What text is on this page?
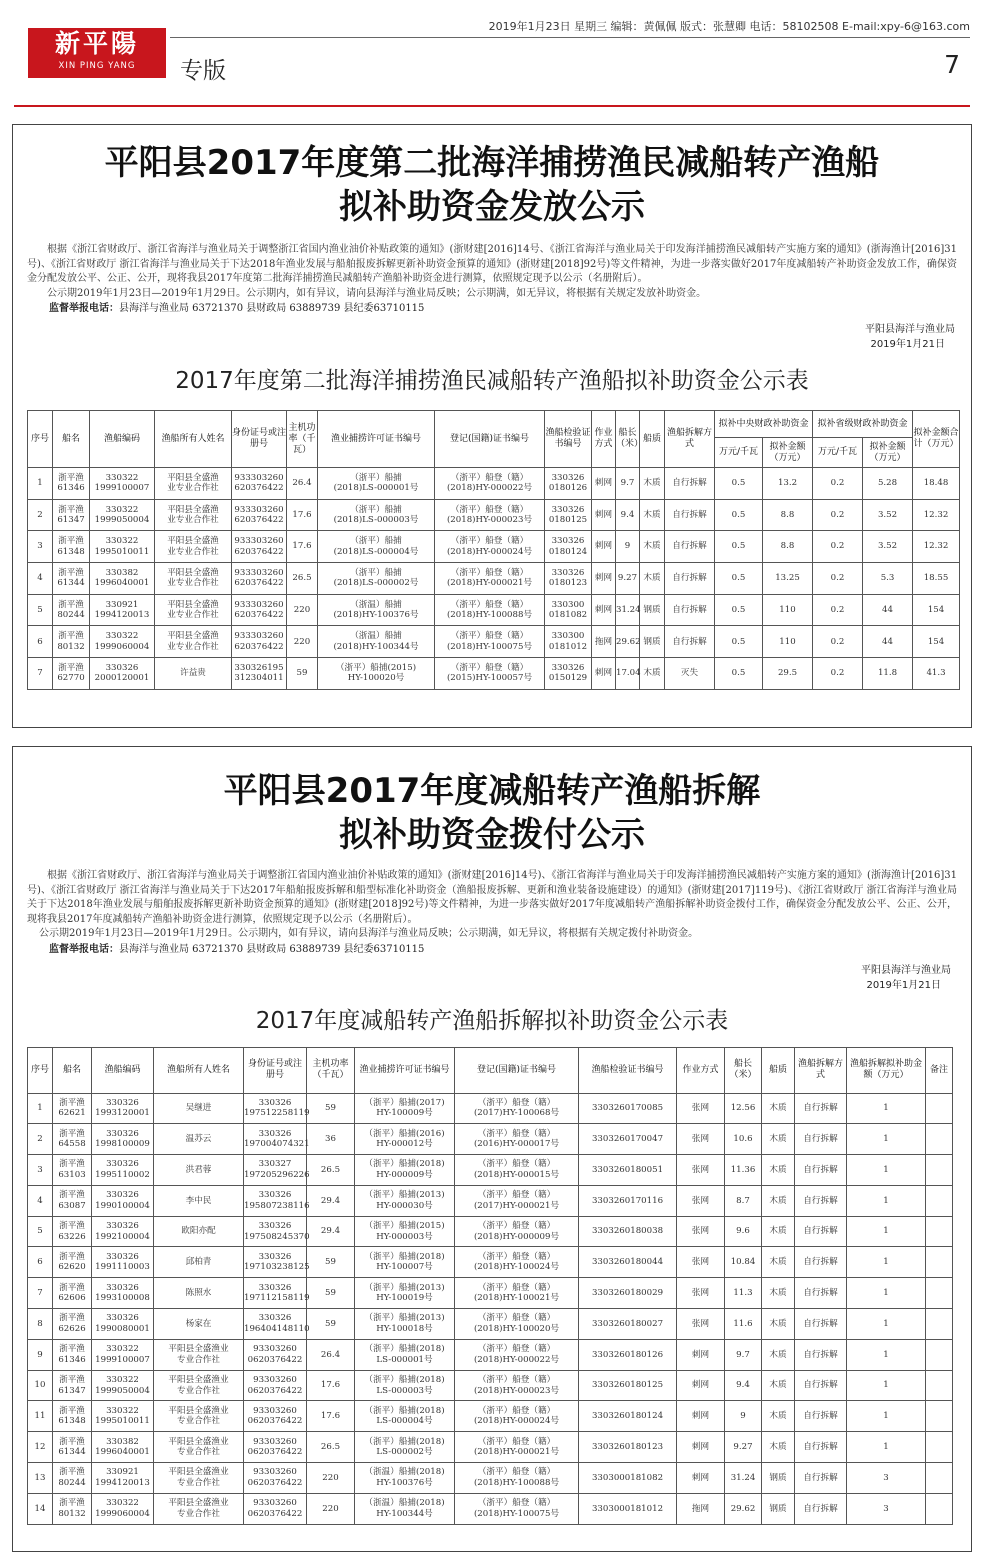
新平陽
XIN PING YANG
2019年1月23日 星期三 编辑：黄佩佩 版式：张慧卿 电话：58102508 E-mail:xpy-6@163.com
专版	7
平阳县2017年度第二批海洋捕捞渔民减船转产渔船
拟补助资金发放公示

根据《浙江省财政厅、浙江省海洋与渔业局关于调整浙江省国内渔业油价补贴政策的通知》(浙财建[2016]14号、《浙江省海洋与渔业局关于印发海洋捕捞渔民减船转产实施方案的通知》(浙海渔计[2016]31号)、《浙江省财政厅 浙江省海洋与渔业局关于下达2018年渔业发展与船舶报废拆解更新补助资金预算的通知》(浙财建[2018]92号)等文件精神，为进一步落实做好2017年度减船转产补助资金发放工作，确保资金分配发放公平、公正、公开，现将我县2017年度第二批海洋捕捞渔民减船转产渔船补助资金进行测算，依照规定现予以公示（名册附后）。

公示期2019年1月23日—2019年1月29日。公示期内，如有异议，请向县海洋与渔业局反映；公示期满，如无异议，将根据有关规定发放补助资金。

监督举报电话：县海洋与渔业局 63721370 县财政局 63889739 县纪委63710115

平阳县海洋与渔业局

2019年1月21日

2017年度第二批海洋捕捞渔民减船转产渔船拟补助资金公示表
序号	船名	渔船编码	渔船所有人姓名	身份证号或注册号	主机功率（千瓦）	渔业捕捞许可证书编号	登记(国籍)证书编号	渔船检验证书编号	作业方式	船长（米）	船质	渔船拆解方式	拟补中央财政补助资金		拟补省级财政补助资金		拟补金额合计（万元）
													万元/千瓦	拟补金额（万元）	万元/千瓦	拟补金额（万元）	
1	浙平渔
61346	330322
1999100007	平阳县全盛渔
业专业合作社	933303260
620376422	26.4	（浙平）船捕
(2018)LS-000001号	（浙平）船登（籍）
(2018)HY-000022号	330326
0180126	刺网	9.7	木质	自行拆解	0.5	13.2	0.2	5.28	18.48
2	浙平渔
61347	330322
1999050004	平阳县全盛渔
业专业合作社	933303260
620376422	17.6	（浙平）船捕
(2018)LS-000003号	（浙平）船登（籍）
(2018)HY-000023号	330326
0180125	刺网	9.4	木质	自行拆解	0.5	8.8	0.2	3.52	12.32
3	浙平渔
61348	330322
1995010011	平阳县全盛渔
业专业合作社	933303260
620376422	17.6	（浙平）船捕
(2018)LS-000004号	（浙平）船登（籍）
(2018)HY-000024号	330326
0180124	刺网	9	木质	自行拆解	0.5	8.8	0.2	3.52	12.32
4	浙平渔
61344	330382
1996040001	平阳县全盛渔
业专业合作社	933303260
620376422	26.5	（浙平）船捕
(2018)LS-000002号	（浙平）船登（籍）
(2018)HY-000021号	330326
0180123	刺网	9.27	木质	自行拆解	0.5	13.25	0.2	5.3	18.55
5	浙平渔
80244	330921
1994120013	平阳县全盛渔
业专业合作社	933303260
620376422	220	（浙温）船捕
(2018)HY-100376号	（浙平）船登（籍）
(2018)HY-100088号	330300
0181082	刺网	31.24	钢质	自行拆解	0.5	110	0.2	44	154
6	浙平渔
80132	330322
1999060004	平阳县全盛渔
业专业合作社	933303260
620376422	220	（浙温）船捕
(2018)HY-100344号	（浙平）船登（籍）
(2018)HY-100075号	330300
0181012	拖网	29.62	钢质	自行拆解	0.5	110	0.2	44	154
7	浙平渔
62770	330326
2000120001	许益贵	330326195
312304011	59	（浙平）船捕(2015)
HY-100020号	（浙平）船登（籍）
(2015)HY-100057号	330326
0150129	刺网	17.04	木质	灭失	0.5	29.5	0.2	11.8	41.3
平阳县2017年度减船转产渔船拆解
拟补助资金拨付公示

根据《浙江省财政厅、浙江省海洋与渔业局关于调整浙江省国内渔业油价补贴政策的通知》(浙财建[2016]14号)、《浙江省海洋与渔业局关于印发海洋捕捞渔民减船转产实施方案的通知》(浙海渔计[2016]31号)、《浙江省财政厅 浙江省海洋与渔业局关于下达2017年船舶报废拆解和船型标准化补助资金（渔船报废拆解、更新和渔业装备设施建设）的通知》(浙财建[2017]119号)、《浙江省财政厅 浙江省海洋与渔业局关于下达2018年渔业发展与船舶报废拆解更新补助资金预算的通知》(浙财建[2018]92号)等文件精神，为进一步落实做好2017年度减船转产渔船拆解补助资金拨付工作，确保资金分配发放公平、公正、公开，现将我县2017年度减船转产渔船补助资金进行测算，依照规定现予以公示（名册附后）。

公示期2019年1月23日—2019年1月29日。公示期内，如有异议，请向县海洋与渔业局反映；公示期满，如无异议，将根据有关规定拨付补助资金。

监督举报电话：县海洋与渔业局 63721370 县财政局 63889739 县纪委63710115

平阳县海洋与渔业局

2019年1月21日

2017年度减船转产渔船拆解拟补助资金公示表
序号	船名	渔船编码	渔船所有人姓名	身份证号或注册号	主机功率（千瓦）	渔业捕捞许可证书编号	登记(国籍)证书编号	渔船检验证书编号	作业方式	船长（米）	船质	渔船拆解方式	渔船拆解拟补助金额（万元）	备注
1	浙平渔
62621	330326
1993120001	吴继进	330326
197512258119	59	（浙平）船捕(2017)
HY-100009号	（浙平）船登（籍）
(2017)HY-100068号	3303260170085	张网	12.56	木质	自行拆解	1	
2	浙平渔
64558	330326
1998100009	温苏云	330326
197004074321	36	（浙平）船捕(2016)
HY-000012号	（浙平）船登（籍）
(2016)HY-000017号	3303260170047	张网	10.6	木质	自行拆解	1	
3	浙平渔
63103	330326
1995110002	洪君蓉	330327
197205296226	26.5	（浙平）船捕(2018)
HY-000009号	（浙平）船登（籍）
(2018)HY-000015号	3303260180051	张网	11.36	木质	自行拆解	1	
4	浙平渔
63087	330326
1990100004	李中民	330326
195807238116	29.4	（浙平）船捕(2013)
HY-000030号	（浙平）船登（籍）
(2017)HY-000021号	3303260170116	张网	8.7	木质	自行拆解	1	
5	浙平渔
63226	330326
1992100004	欧阳亦配	330326
197508245370	29.4	（浙平）船捕(2015)
HY-000003号	（浙平）船登（籍）
(2018)HY-000009号	3303260180038	张网	9.6	木质	自行拆解	1	
6	浙平渔
62620	330326
1991110003	邱柏青	330326
197103238125	59	（浙平）船捕(2018)
HY-100007号	（浙平）船登（籍）
(2018)HY-100024号	3303260180044	张网	10.84	木质	自行拆解	1	
7	浙平渔
62606	330326
1993100008	陈照水	330326
197112158119	59	（浙平）船捕(2013)
HY-100019号	（浙平）船登（籍）
(2018)HY-100021号	3303260180029	张网	11.3	木质	自行拆解	1	
8	浙平渔
62626	330326
1990080001	杨家在	330326
196404148110	59	（浙平）船捕(2013)
HY-100018号	（浙平）船登（籍）
(2018)HY-100020号	3303260180027	张网	11.6	木质	自行拆解	1	
9	浙平渔
61346	330322
1999100007	平阳县全盛渔业
专业合作社	93303260
0620376422	26.4	（浙平）船捕(2018)
LS-000001号	（浙平）船登（籍）
(2018)HY-000022号	3303260180126	刺网	9.7	木质	自行拆解	1	
10	浙平渔
61347	330322
1999050004	平阳县全盛渔业
专业合作社	93303260
0620376422	17.6	（浙平）船捕(2018)
LS-000003号	（浙平）船登（籍）
(2018)HY-000023号	3303260180125	刺网	9.4	木质	自行拆解	1	
11	浙平渔
61348	330322
1995010011	平阳县全盛渔业
专业合作社	93303260
0620376422	17.6	（浙平）船捕(2018)
LS-000004号	（浙平）船登（籍）
(2018)HY-000024号	3303260180124	刺网	9	木质	自行拆解	1	
12	浙平渔
61344	330382
1996040001	平阳县全盛渔业
专业合作社	93303260
0620376422	26.5	（浙平）船捕(2018)
LS-000002号	（浙平）船登（籍）
(2018)HY-000021号	3303260180123	刺网	9.27	木质	自行拆解	1	
13	浙平渔
80244	330921
1994120013	平阳县全盛渔业
专业合作社	93303260
0620376422	220	（浙温）船捕(2018)
HY-100376号	（浙平）船登（籍）
(2018)HY-100088号	3303000181082	刺网	31.24	钢质	自行拆解	3	
14	浙平渔
80132	330322
1999060004	平阳县全盛渔业
专业合作社	93303260
0620376422	220	（浙温）船捕(2018)
HY-100344号	（浙平）船登（籍）
(2018)HY-100075号	3303000181012	拖网	29.62	钢质	自行拆解	3	
